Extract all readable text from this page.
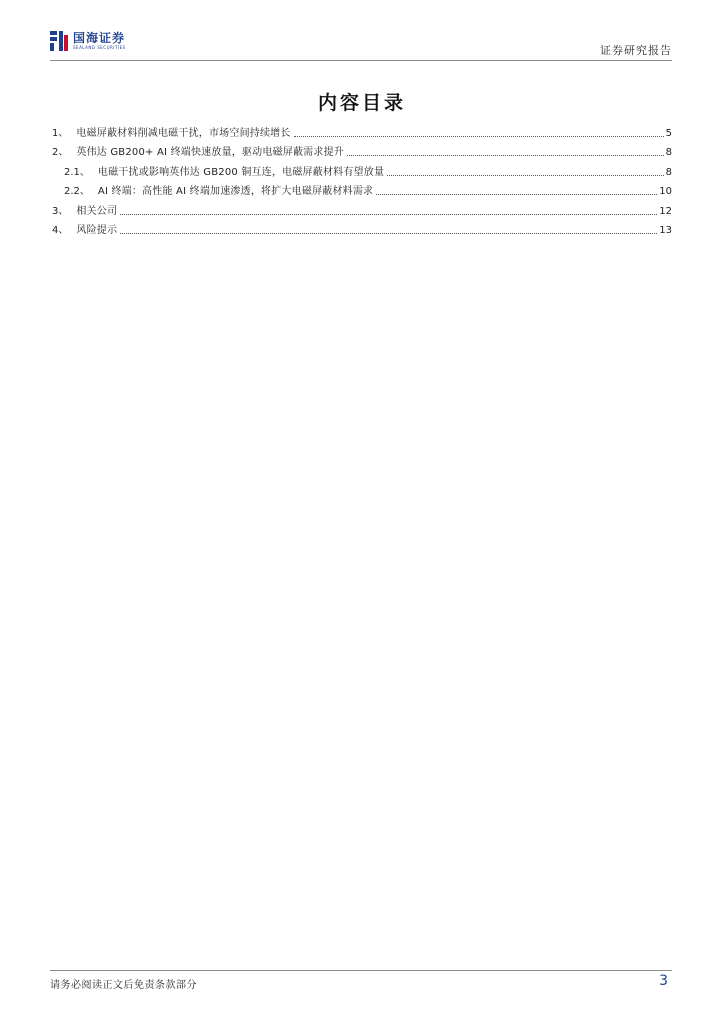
国海证券
SEALAND SECURITIES	证券研究报告
内容目录
1、 电磁屏蔽材料削减电磁干扰，市场空间持续增长	5
2、 英伟达 GB200+ AI 终端快速放量，驱动电磁屏蔽需求提升	8
2.1、 电磁干扰或影响英伟达 GB200 铜互连，电磁屏蔽材料有望放量	8
2.2、 AI 终端：高性能 AI 终端加速渗透，将扩大电磁屏蔽材料需求	10
3、 相关公司	12
4、 风险提示	13
请务必阅读正文后免责条款部分	3
